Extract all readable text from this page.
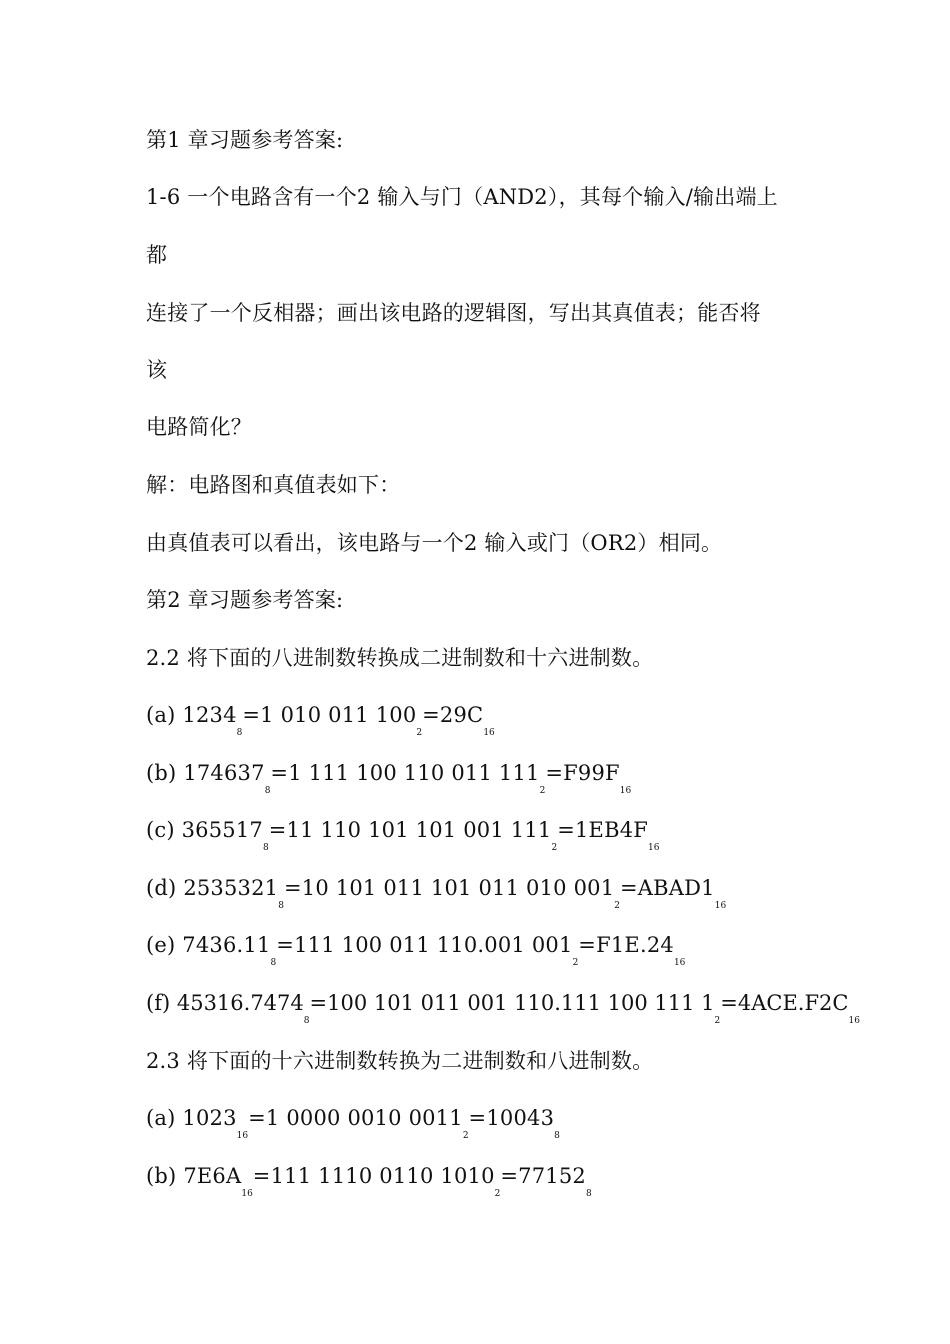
第1 章习题参考答案:
1-6 一个电路含有一个2 输入与门（AND2），其每个输入/输出端上
都
连接了一个反相器；画出该电路的逻辑图，写出其真值表；能否将
该
电路简化？
解：电路图和真值表如下：
由真值表可以看出，该电路与一个2 输入或门（OR2）相同。
第2 章习题参考答案:
2.2 将下面的八进制数转换成二进制数和十六进制数。
(a) $1234_8=1$ 010 011 $100_2=29C_{16}$
(b) $174637_8=1$ 111 100 110 011 $111_2=F99F_{16}$
(c) $365517_8=11$ 110 101 101 001 $111_2=1EB4F_{16}$
(d) $2535321_8=10$ 101 011 101 011 010 $001_2=ABAD1_{16}$
(e) $7436.11_8=111$ 100 011 110.001 $001_2=F1E.24_{16}$
(f) $45316.7474_8=100$ 101 011 001 110.111 100 111 $1_2=4ACE.F2C_{16}$
2.3 将下面的十六进制数转换为二进制数和八进制数。
(a) $1023_{16}=1$ 0000 0010 $0011_2=10043_8$
(b) $7E6A_{16}=111$ 1110 0110 $1010_2=77152_8$
